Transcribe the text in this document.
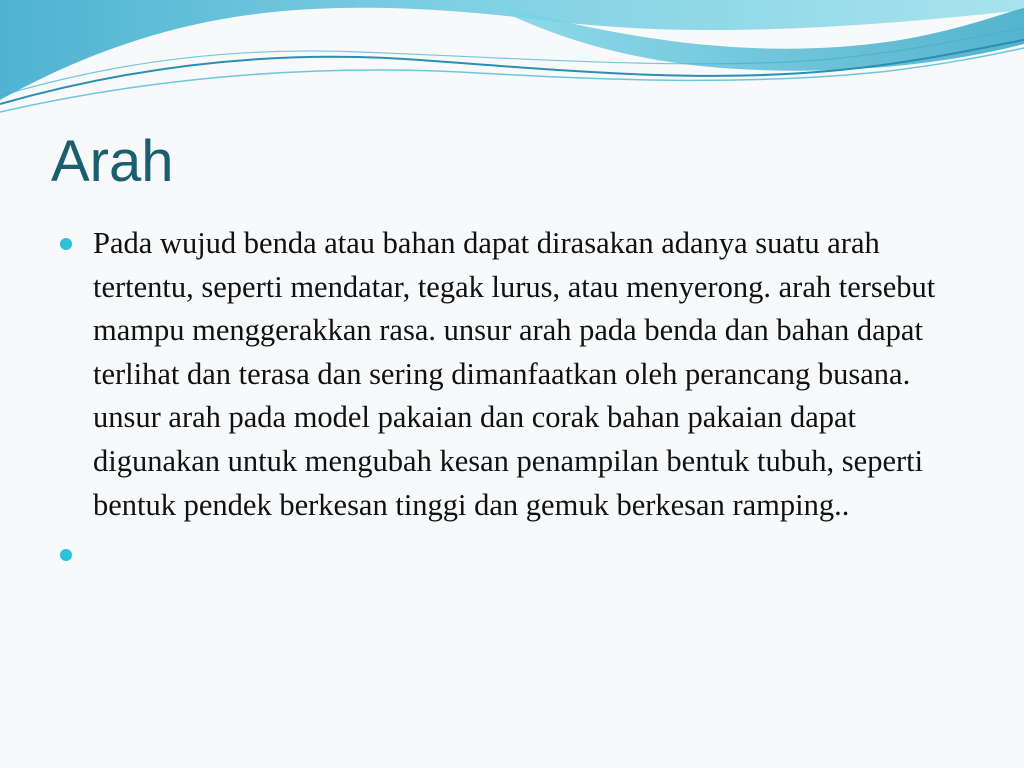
Arah
Pada wujud benda atau bahan dapat dirasakan adanya suatu arah tertentu, seperti mendatar, tegak lurus, atau menyerong. arah tersebut mampu menggerakkan rasa. unsur arah pada benda dan bahan dapat terlihat dan terasa dan sering dimanfaatkan oleh perancang busana. unsur arah pada model pakaian dan corak bahan pakaian dapat digunakan untuk mengubah kesan penampilan bentuk tubuh, seperti bentuk pendek berkesan tinggi dan gemuk berkesan ramping..
